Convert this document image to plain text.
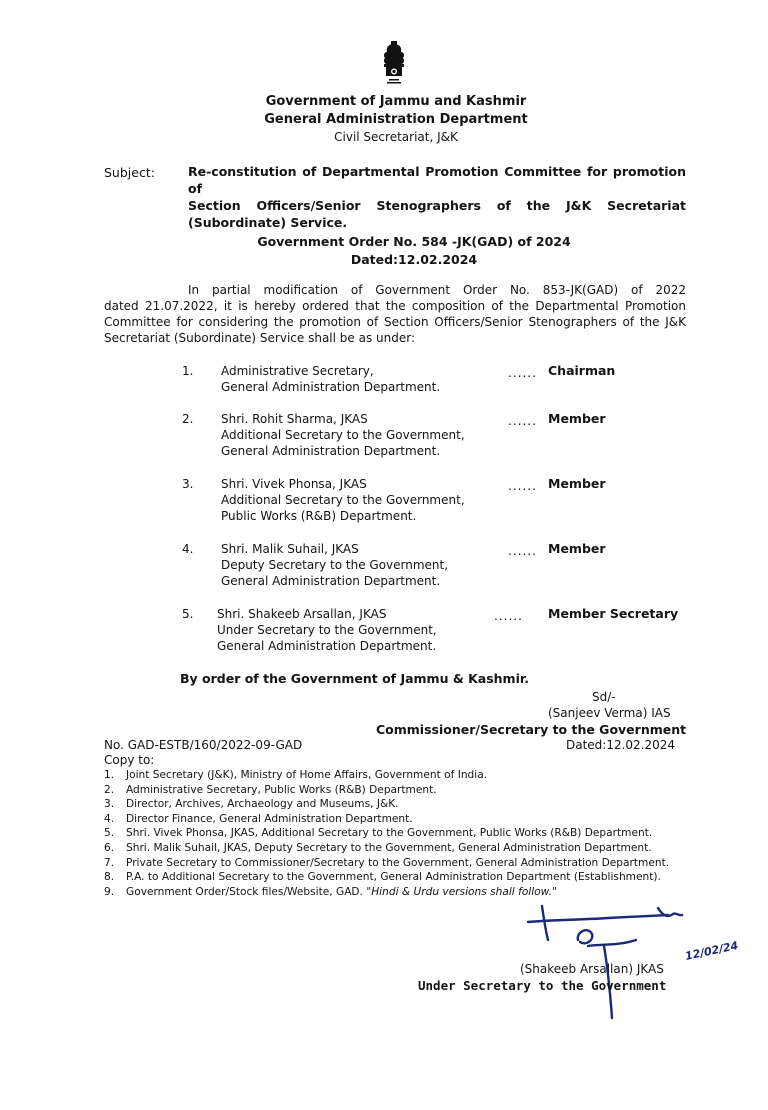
Government of Jammu and Kashmir
General Administration Department
Civil Secretariat, J&K
Subject:	Re-constitution of Departmental Promotion Committee for promotion of
Section Officers/Senior Stenographers of the J&K Secretariat
(Subordinate) Service.
Government Order No. 584 -JK(GAD) of 2024
Dated:12.02.2024
In partial modification of Government Order No. 853-JK(GAD) of 2022
dated 21.07.2022, it is hereby ordered that the composition of the Departmental Promotion
Committee for considering the promotion of Section Officers/Senior Stenographers of the J&K
Secretariat (Subordinate) Service shall be as under:
1. Administrative Secretary,
General Administration Department.
...... Chairman
2. Shri. Rohit Sharma, JKAS
Additional Secretary to the Government,
General Administration Department.
...... Member
3. Shri. Vivek Phonsa, JKAS
Additional Secretary to the Government,
Public Works (R&B) Department.
...... Member
4. Shri. Malik Suhail, JKAS
Deputy Secretary to the Government,
General Administration Department.
...... Member
5. Shri. Shakeeb Arsallan, JKAS
Under Secretary to the Government,
General Administration Department.
...... Member Secretary
By order of the Government of Jammu & Kashmir.
Sd/-
(Sanjeev Verma) IAS
Commissioner/Secretary to the Government
No. GAD-ESTB/160/2022-09-GAD	Dated:12.02.2024
Copy to:
1. Joint Secretary (J&K), Ministry of Home Affairs, Government of India.
2. Administrative Secretary, Public Works (R&B) Department.
3. Director, Archives, Archaeology and Museums, J&K.
4. Director Finance, General Administration Department.
5. Shri. Vivek Phonsa, JKAS, Additional Secretary to the Government, Public Works (R&B) Department.
6. Shri. Malik Suhail, JKAS, Deputy Secretary to the Government, General Administration Department.
7. Private Secretary to Commissioner/Secretary to the Government, General Administration Department.
8. P.A. to Additional Secretary to the Government, General Administration Department (Establishment).
9. Government Order/Stock files/Website, GAD. "Hindi & Urdu versions shall follow."
12/02/24
(Shakeeb Arsallan) JKAS
Under Secretary to the Government
